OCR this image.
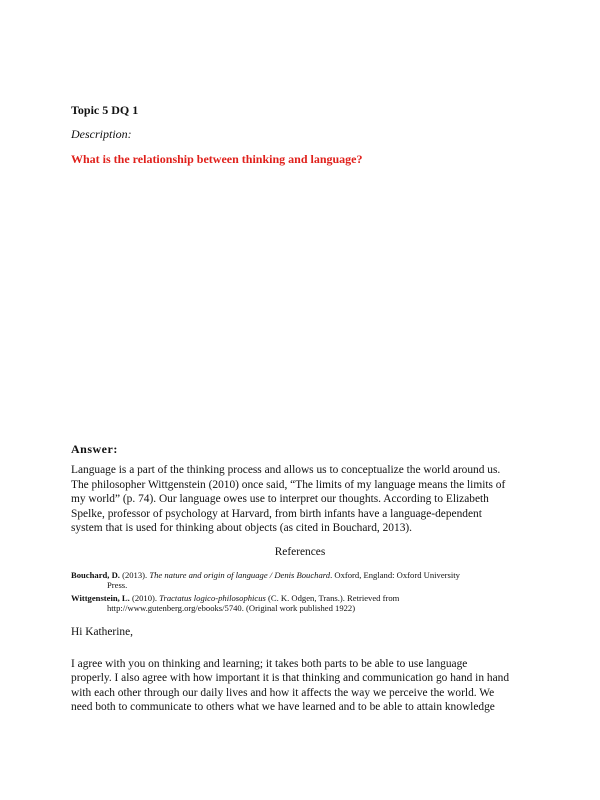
Topic 5 DQ 1
Description:
What is the relationship between thinking and language?
Answer:

Language is a part of the thinking process and allows us to conceptualize the world around us.
The philosopher Wittgenstein (2010) once said, “The limits of my language means the limits of
my world” (p. 74). Our language owes use to interpret our thoughts. According to Elizabeth
Spelke, professor of psychology at Harvard, from birth infants have a language-dependent
system that is used for thinking about objects (as cited in Bouchard, 2013).

References
Bouchard, D. (2013). The nature and origin of language / Denis Bouchard. Oxford, England: Oxford University
Press.
Wittgenstein, L. (2010). Tractatus logico-philosophicus (C. K. Odgen, Trans.). Retrieved from
http://www.gutenberg.org/ebooks/5740. (Original work published 1922)
Hi Katherine,

I agree with you on thinking and learning; it takes both parts to be able to use language
properly. I also agree with how important it is that thinking and communication go hand in hand
with each other through our daily lives and how it affects the way we perceive the world. We
need both to communicate to others what we have learned and to be able to attain knowledge
